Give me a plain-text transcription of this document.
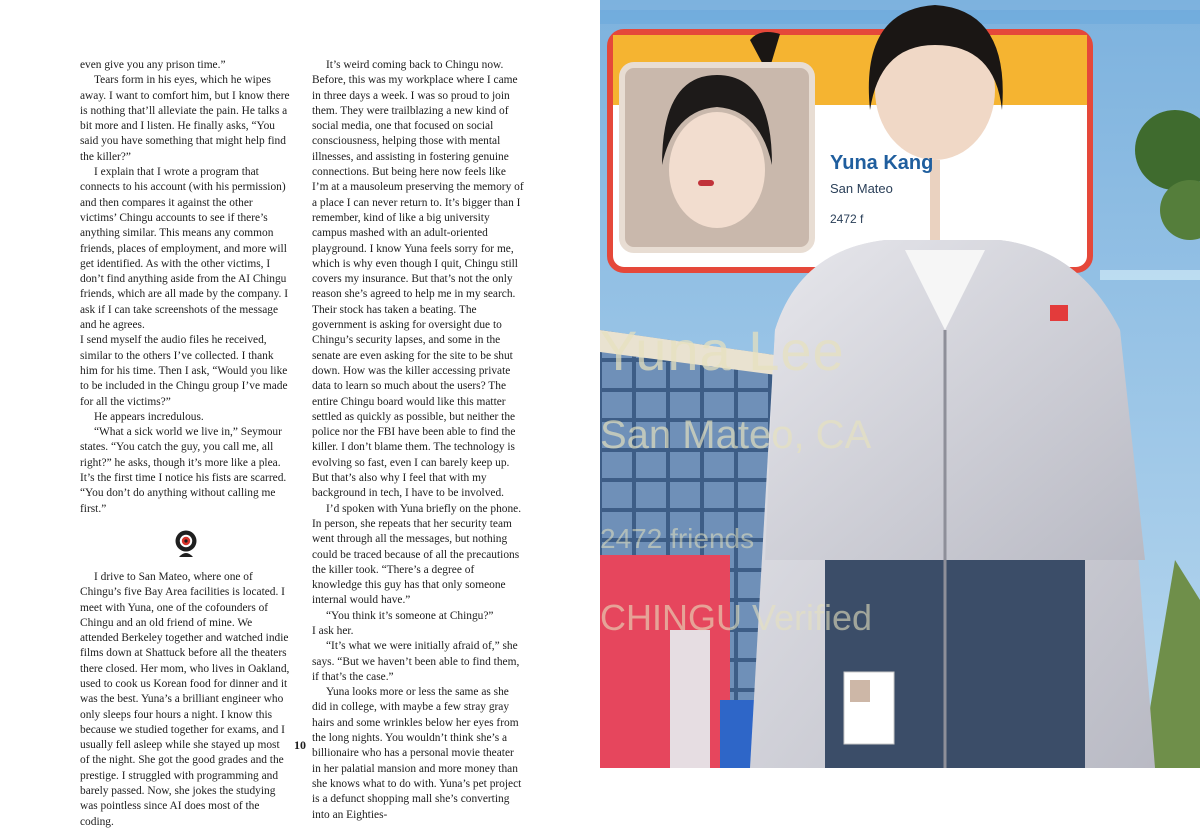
even give you any prison time.”

Tears form in his eyes, which he wipes away. I want to comfort him, but I know there is nothing that’ll alleviate the pain. He talks a bit more and I listen. He finally asks, “You said you have something that might help find the killer?”

I explain that I wrote a program that connects to his account (with his permission) and then compares it against the other victims’ Chingu accounts to see if there’s anything similar. This means any common friends, places of employment, and more will get identified. As with the other victims, I don’t find anything aside from the AI Chingu friends, which are all made by the company. I ask if I can take screenshots of the message and he agrees.

I send myself the audio files he received, similar to the others I’ve collected. I thank him for his time. Then I ask, “Would you like to be included in the Chingu group I’ve made for all the victims?”

He appears incredulous.

“What a sick world we live in,” Seymour states. “You catch the guy, you call me, all right?” he asks, though it’s more like a plea. It’s the first time I notice his fists are scarred. “You don’t do anything without calling me first.”

I drive to San Mateo, where one of Chingu’s five Bay Area facilities is located. I meet with Yuna, one of the cofounders of Chingu and an old friend of mine. We attended Berkeley together and watched indie films down at Shattuck before all the theaters there closed. Her mom, who lives in Oakland, used to cook us Korean food for dinner and it was the best. Yuna’s a brilliant engineer who only sleeps four hours a night. I know this because we studied together for exams, and I usually fell asleep while she stayed up most of the night. She got the good grades and the prestige. I struggled with programming and barely passed. Now, she jokes the studying was pointless since AI does most of the coding.

It’s weird coming back to Chingu now. Before, this was my workplace where I came in three days a week. I was so proud to join them. They were trailblazing a new kind of social media, one that focused on social consciousness, helping those with mental illnesses, and assisting in fostering genuine connections. But being here now feels like I’m at a mausoleum preserving the memory of a place I can never return to. It’s bigger than I remember, kind of like a big university campus mashed with an adult-oriented playground. I know Yuna feels sorry for me, which is why even though I quit, Chingu still covers my insurance. But that’s not the only reason she’s agreed to help me in my search. Their stock has taken a beating. The government is asking for oversight due to Chingu’s security lapses, and some in the senate are even asking for the site to be shut down. How was the killer accessing private data to learn so much about the users? The entire Chingu board would like this matter settled as quickly as possible, but neither the police nor the FBI have been able to find the killer. I don’t blame them. The technology is evolving so fast, even I can barely keep up. But that’s also why I feel that with my background in tech, I have to be involved.

I’d spoken with Yuna briefly on the phone. In person, she repeats that her security team went through all the messages, but nothing could be traced because of all the precautions the killer took. “There’s a degree of knowledge this guy has that only someone internal would have.”

“You think it’s someone at Chingu?”

I ask her.

“It’s what we were initially afraid of,” she says. “But we haven’t been able to find them, if that’s the case.”

Yuna looks more or less the same as she did in college, with maybe a few stray gray hairs and some wrinkles below her eyes from the long nights. You wouldn’t think she’s a billionaire who has a personal movie theater in her palatial mansion and more money than she knows what to do with. Yuna’s pet project is a defunct shopping mall she’s converting into an Eighties-

10
Yuna Kang
San Mateo
2472 f
Yuna Lee
San Mateo, CA
2472 friends
CHINGU Verified
